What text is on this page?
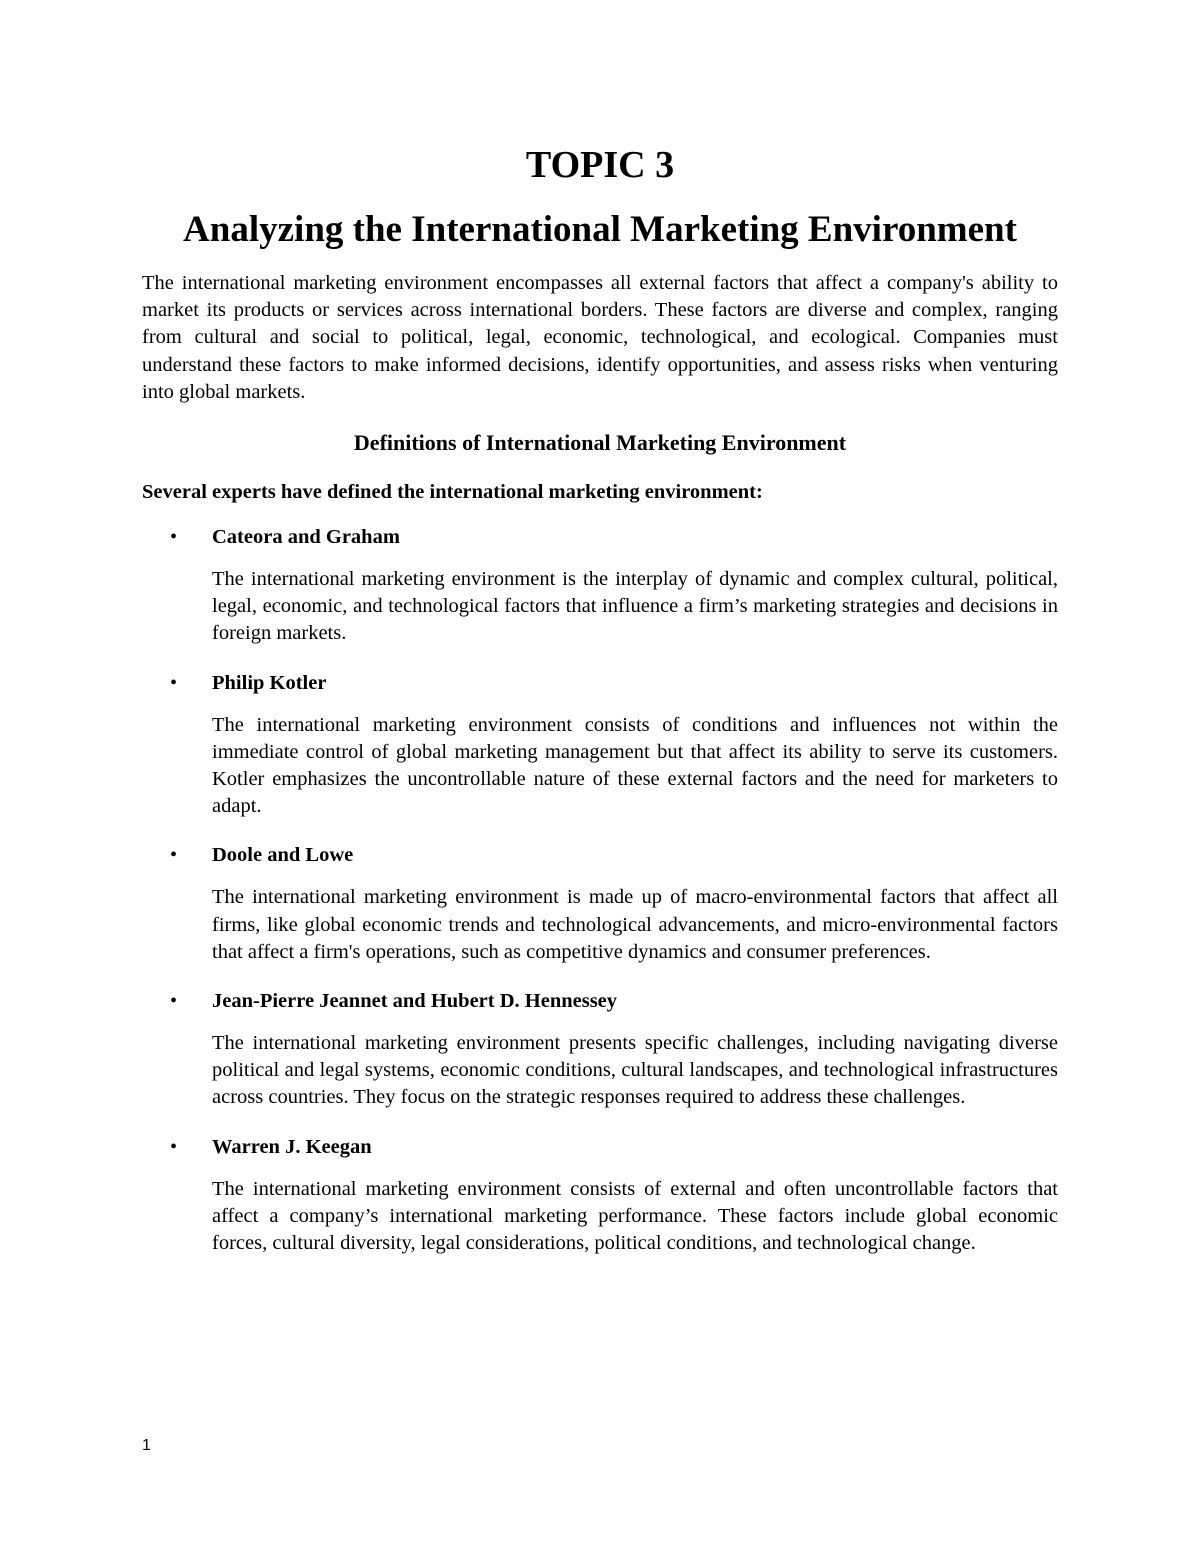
TOPIC 3
Analyzing the International Marketing Environment

The international marketing environment encompasses all external factors that affect a company's ability to market its products or services across international borders. These factors are diverse and complex, ranging from cultural and social to political, legal, economic, technological, and ecological. Companies must understand these factors to make informed decisions, identify opportunities, and assess risks when venturing into global markets.

Definitions of International Marketing Environment

Several experts have defined the international marketing environment:

• Cateora and Graham

The international marketing environment is the interplay of dynamic and complex cultural, political, legal, economic, and technological factors that influence a firm’s marketing strategies and decisions in foreign markets.

• Philip Kotler

The international marketing environment consists of conditions and influences not within the immediate control of global marketing management but that affect its ability to serve its customers. Kotler emphasizes the uncontrollable nature of these external factors and the need for marketers to adapt.

• Doole and Lowe

The international marketing environment is made up of macro-environmental factors that affect all firms, like global economic trends and technological advancements, and micro-environmental factors that affect a firm's operations, such as competitive dynamics and consumer preferences.

• Jean-Pierre Jeannet and Hubert D. Hennessey

The international marketing environment presents specific challenges, including navigating diverse political and legal systems, economic conditions, cultural landscapes, and technological infrastructures across countries. They focus on the strategic responses required to address these challenges.

• Warren J. Keegan

The international marketing environment consists of external and often uncontrollable factors that affect a company’s international marketing performance. These factors include global economic forces, cultural diversity, legal considerations, political conditions, and technological change.

1
